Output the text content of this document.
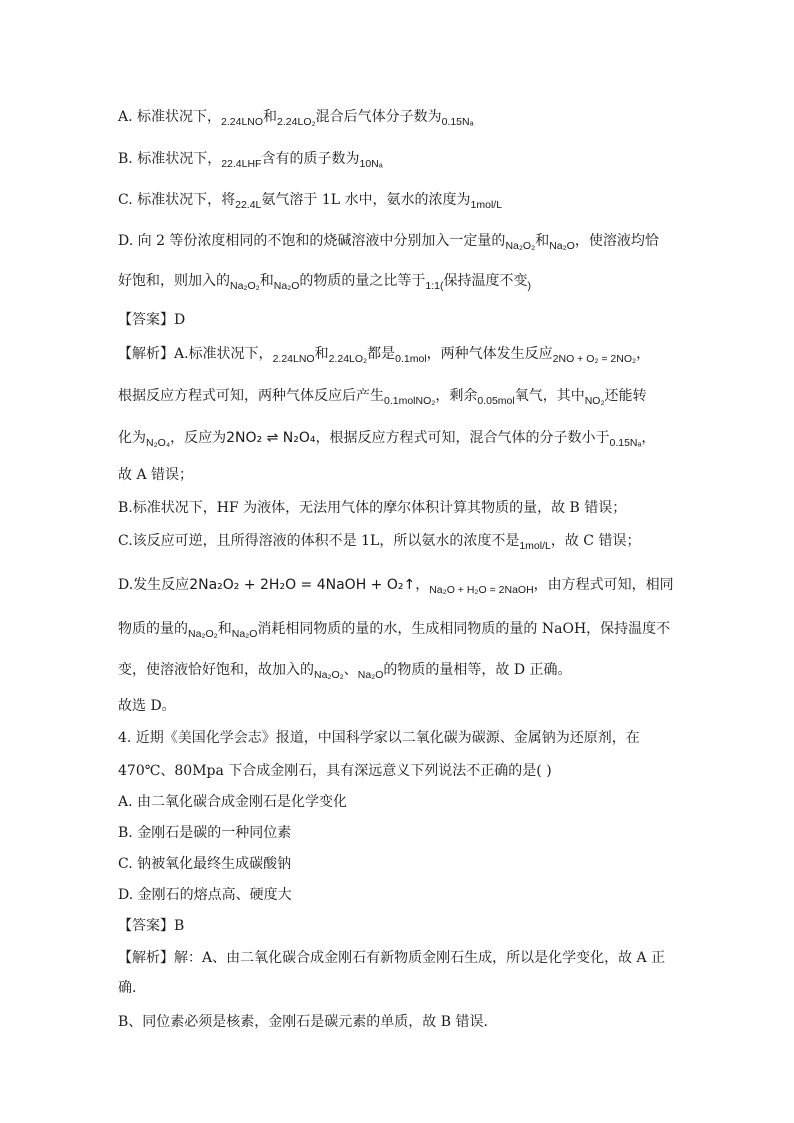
A. 标准状况下，$_{2.24LNO}$和$_{2.24LO_2}$混合后气体分子数为$_{0.15N_a}$
B. 标准状况下，$_{22.4LHF}$含有的质子数为$_{10N_a}$
C. 标准状况下，将$_{22.4L}$氨气溶于 1L 水中，氨水的浓度为$_{1mol/L}$
D. 向 2 等份浓度相同的不饱和的烧碱溶液中分别加入一定量的$_{Na_2O_2}$和$_{Na_2O}$，使溶液均恰
好饱和，则加入的$_{Na_2O_2}$和$_{Na_2O}$的物质的量之比等于$_{1:1(}$保持温度不变$_)$
【答案】D
【解析】A.标准状况下，$_{2.24LNO}$和$_{2.24LO_2}$都是$_{0.1mol}$，两种气体发生反应$_{2NO + O_2 = 2NO_2}$，
根据反应方程式可知，两种气体反应后产生$_{0.1molNO_2}$，剩余$_{0.05mol}$氧气，其中$_{NO_2}$还能转
化为$_{N_2O_4}$，反应为2NO₂ ⇌ N₂O₄，根据反应方程式可知，混合气体的分子数小于$_{0.15N_a}$，
故 A 错误；
B.标准状况下，HF 为液体，无法用气体的摩尔体积计算其物质的量，故 B 错误；
C.该反应可逆，且所得溶液的体积不是 1L，所以氨水的浓度不是$_{1mol/L}$，故 C 错误；
D.发生反应2Na₂O₂ + 2H₂O = 4NaOH + O₂↑，$_{Na_2O + H_2O = 2NaOH}$，由方程式可知，相同
物质的量的$_{Na_2O_2}$和$_{Na_2O}$消耗相同物质的量的水，生成相同物质的量的 NaOH，保持温度不
变，使溶液恰好饱和，故加入的$_{Na_2O_2}$、$_{Na_2O}$的物质的量相等，故 D 正确。
故选 D。
4. 近期《美国化学会志》报道，中国科学家以二氧化碳为碳源、金属钠为还原剂，在
470℃、80Mpa 下合成金刚石，具有深远意义下列说法不正确的是( )
A. 由二氧化碳合成金刚石是化学变化
B. 金刚石是碳的一种同位素
C. 钠被氧化最终生成碳酸钠
D. 金刚石的熔点高、硬度大
【答案】B
【解析】解：A、由二氧化碳合成金刚石有新物质金刚石生成，所以是化学变化，故 A 正
确．
B、同位素必须是核素，金刚石是碳元素的单质，故 B 错误．
